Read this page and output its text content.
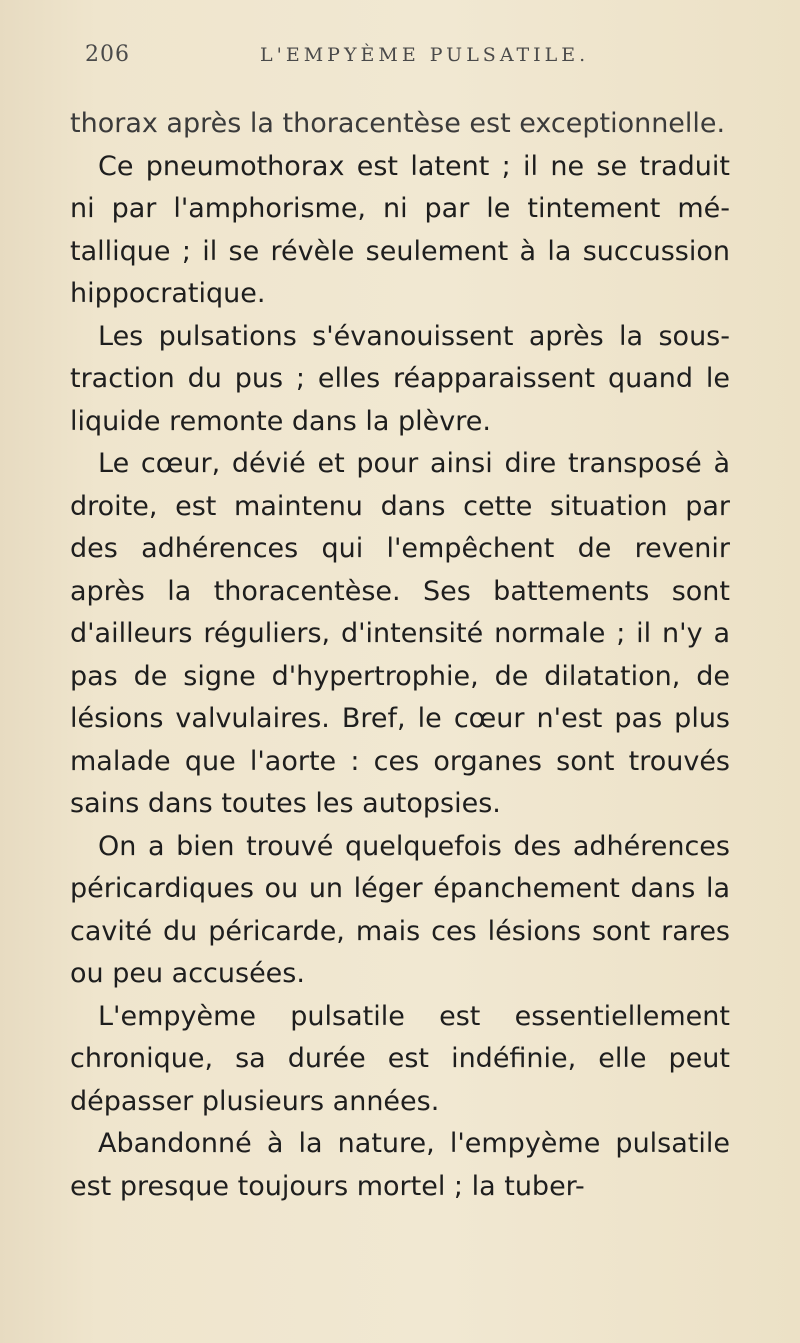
206	L'EMPYÈME PULSATILE.

thorax après la thoracentèse est exceptionnelle.

Ce pneumothorax est latent ; il ne se traduit ni par l'amphorisme, ni par le tintement métallique ; il se révèle seulement à la succussion hippocratique.

Les pulsations s'évanouissent après la soustraction du pus ; elles réapparaissent quand le liquide remonte dans la plèvre.

Le cœur, dévié et pour ainsi dire transposé à droite, est maintenu dans cette situation par des adhérences qui l'empêchent de revenir après la thoracentèse. Ses battements sont d'ailleurs réguliers, d'intensité normale ; il n'y a pas de signe d'hypertrophie, de dilatation, de lésions valvulaires. Bref, le cœur n'est pas plus malade que l'aorte : ces organes sont trouvés sains dans toutes les autopsies.

On a bien trouvé quelquefois des adhérences péricardiques ou un léger épanchement dans la cavité du péricarde, mais ces lésions sont rares ou peu accusées.

L'empyème pulsatile est essentiellement chronique, sa durée est indéfinie, elle peut dépasser plusieurs années.

Abandonné à la nature, l'empyème pulsatile est presque toujours mortel ; la tuber-
